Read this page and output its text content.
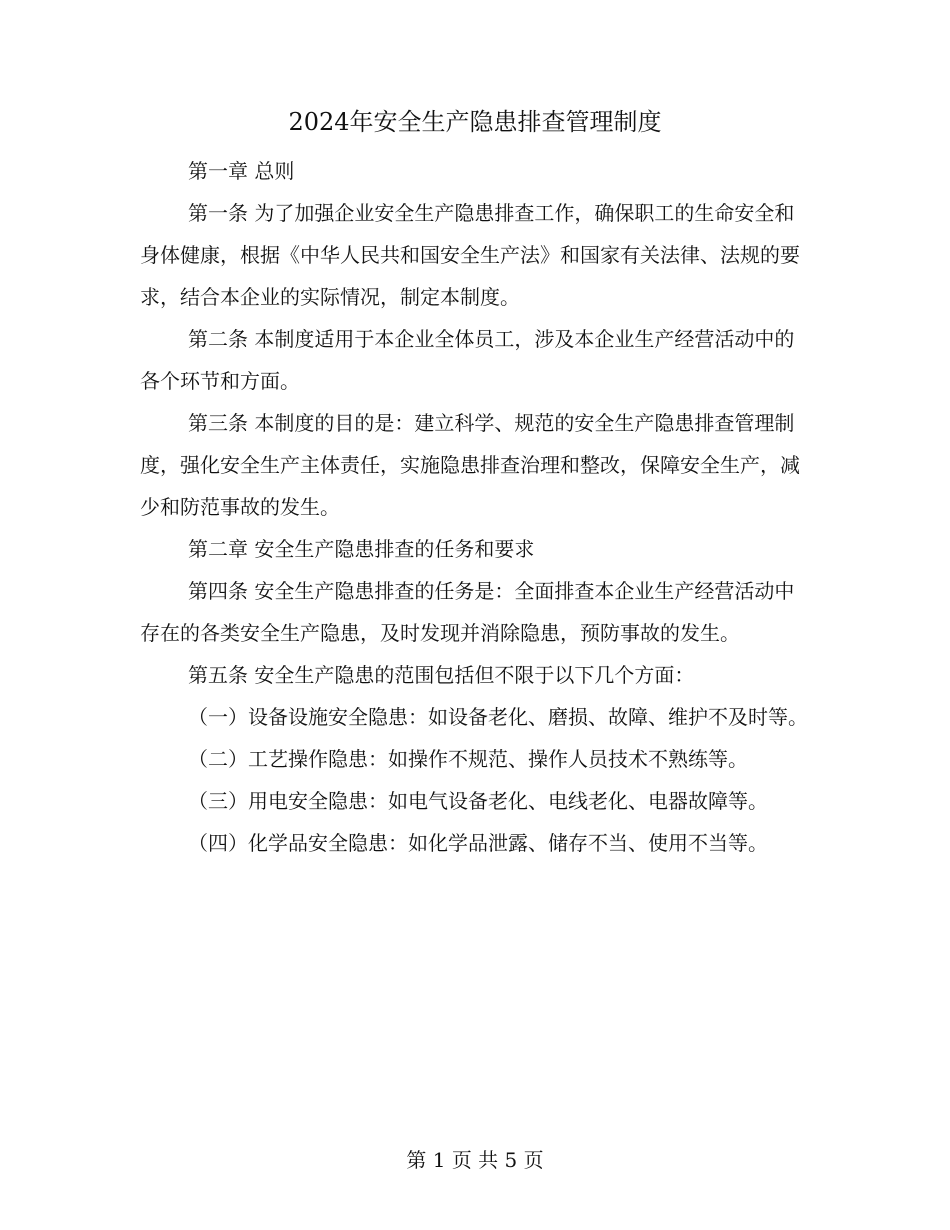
2024年安全生产隐患排查管理制度

第一章 总则

第一条 为了加强企业安全生产隐患排查工作，确保职工的生命安全和身体健康，根据《中华人民共和国安全生产法》和国家有关法律、法规的要求，结合本企业的实际情况，制定本制度。

第二条 本制度适用于本企业全体员工，涉及本企业生产经营活动中的各个环节和方面。

第三条 本制度的目的是：建立科学、规范的安全生产隐患排查管理制度，强化安全生产主体责任，实施隐患排查治理和整改，保障安全生产，减少和防范事故的发生。

第二章 安全生产隐患排查的任务和要求

第四条 安全生产隐患排查的任务是：全面排查本企业生产经营活动中存在的各类安全生产隐患，及时发现并消除隐患，预防事故的发生。

第五条 安全生产隐患的范围包括但不限于以下几个方面：

（一）设备设施安全隐患：如设备老化、磨损、故障、维护不及时等。

（二）工艺操作隐患：如操作不规范、操作人员技术不熟练等。

（三）用电安全隐患：如电气设备老化、电线老化、电器故障等。

（四）化学品安全隐患：如化学品泄露、储存不当、使用不当等。

第 1 页 共 5 页
